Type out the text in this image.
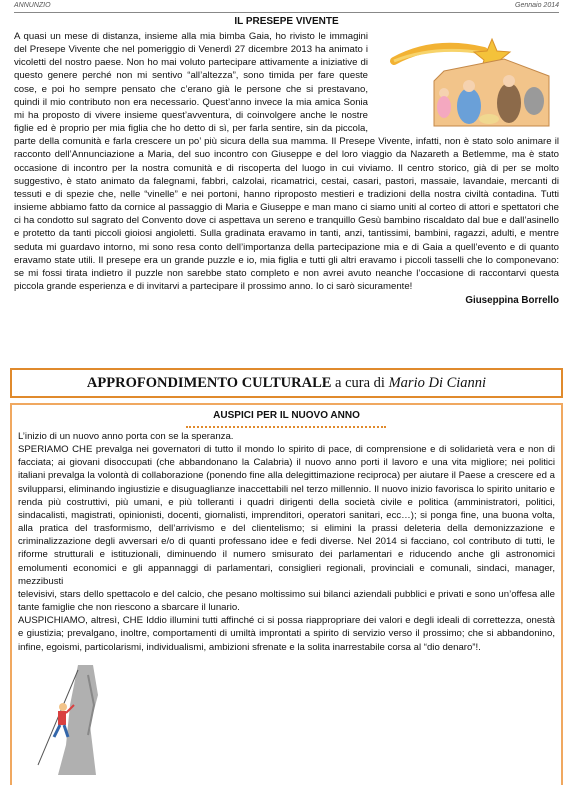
ANNUNZIO	Gennaio 2014
IL PRESEPE VIVENTE

A quasi un mese di distanza, insieme alla mia bimba Gaia, ho rivisto le immagini del Presepe Vivente che nel pomeriggio di Venerdì 27 dicembre 2013 ha animato i vicoletti del nostro paese. Non ho mai voluto partecipare attivamente a iniziative di questo genere perché non mi sentivo “all’altezza”, sono timida per fare queste cose, e poi ho sempre pensato che c’erano già le persone che si prestavano, quindi il mio contributo non era necessario. Quest’anno invece la mia amica Sonia mi ha proposto di vivere insieme quest’avventura, di coinvolgere anche le nostre figlie ed è proprio per mia figlia che ho detto di sì, per farla sentire, sin da piccola, parte della comunità e farla crescere un po’ più sicura della sua mamma. Il Presepe Vivente, infatti, non è stato solo animare il racconto dell’Annunciazione a Maria, del suo incontro con Giuseppe e del loro viaggio da Nazareth a Betlemme, ma è stato occasione di incontro per la nostra comunità e di riscoperta del luogo in cui viviamo. Il centro storico, già di per se molto suggestivo, è stato animato da falegnami, fabbri, calzolai, ricamatrici, cestai, casari, pastori, massaie, lavandaie, mercanti di tessuti e di spezie che, nelle “vinelle” e nei portoni, hanno riproposto mestieri e tradizioni della nostra civiltà contadina. Tutti insieme abbiamo fatto da cornice al passaggio di Maria e Giuseppe e man mano ci siamo uniti al corteo di attori e spettatori che ci ha condotto sul sagrato del Convento dove ci aspettava un sereno e tranquillo Gesù bambino riscaldato dal bue e dall’asinello e protetto da tanti piccoli gioiosi angioletti. Sulla gradinata eravamo in tanti, anzi, tantissimi, bambini, ragazzi, adulti, e mentre seduta mi guardavo intorno, mi sono resa conto dell’importanza della partecipazione mia e di Gaia a quell’evento e di quanto eravamo state utili. Il presepe era un grande puzzle e io, mia figlia e tutti gli altri eravamo i piccoli tasselli che lo componevano: se mi fossi tirata indietro il puzzle non sarebbe stato completo e non avrei avuto neanche l’occasione di raccontarvi questa piccola grande esperienza e di invitarvi a partecipare il prossimo anno. Io ci sarò sicuramente!

Giuseppina Borrello
APPROFONDIMENTO CULTURALE a cura di Mario Di Cianni
AUSPICI PER IL NUOVO ANNO

L’inizio di un nuovo anno porta con se la speranza.

SPERIAMO CHE prevalga nei governatori di tutto il mondo lo spirito di pace, di comprensione e di solidarietà vera e non di facciata; ai giovani disoccupati (che abbandonano la Calabria) il nuovo anno porti il lavoro e una vita migliore; nei politici italiani prevalga la volontà di collaborazione (ponendo fine alla delegittimazione reciproca) per aiutare il Paese a crescere ed a svilupparsi, eliminando ingiustizie e disuguaglianze inaccettabili nel terzo millennio. Il nuovo inizio favorisca lo spirito unitario e renda più costruttivi, più umani, e più tolleranti i quadri dirigenti della società civile e politica (amministratori, politici, sindacalisti, magistrati, opinionisti, docenti, giornalisti, imprenditori, operatori sanitari, ecc…); si ponga fine, una buona volta, alla pratica del trasformismo, dell’arrivismo e del clientelismo; si elimini la prassi deleteria della demonizzazione e criminalizzazione degli avversari e/o di quanti professano idee e fedi diverse. Nel 2014 si facciano, col contributo di tutti, le riforme strutturali e istituzionali, diminuendo il numero smisurato dei parlamentari e riducendo anche gli astronomici emolumenti economici e gli appannaggi di parlamentari, consiglieri regionali, provinciali e comunali, sindaci, manager, mezzibusti

televisivi, stars dello spettacolo e del calcio, che pesano moltissimo sui bilanci aziendali pubblici e privati e sono un’offesa alle tante famiglie che non riescono a sbarcare il lunario.

AUSPICHIAMO, altresì, CHE Iddio illumini tutti affinché ci si possa riappropriare dei valori e degli ideali di correttezza, onestà e giustizia; prevalgano, inoltre, comportamenti di umiltà improntati a spirito di servizio verso il prossimo; che si abbandonino, infine, egoismi, particolarismi, individualismi, ambizioni sfrenate e la solita inarrestabile corsa al “dio denaro”!.
